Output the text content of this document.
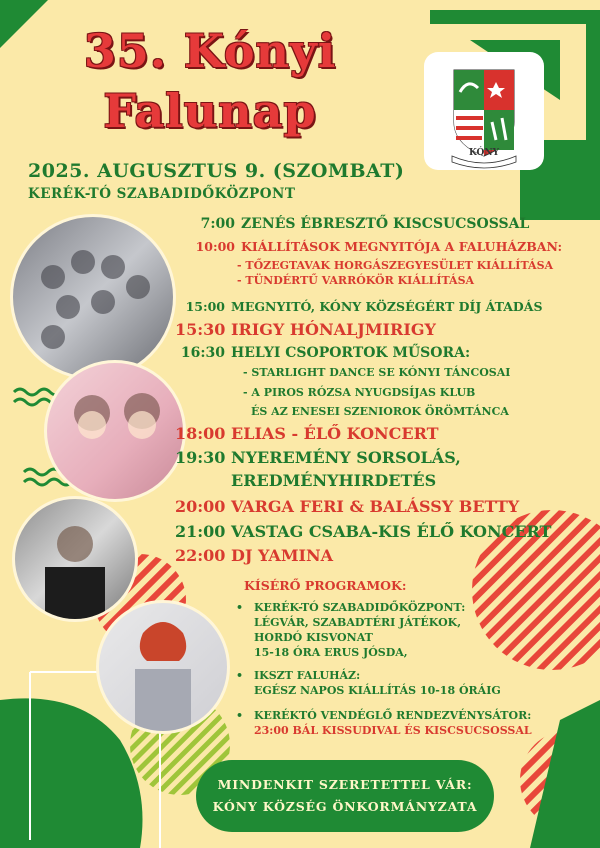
35. Kónyi
Falunap
KÓNY
2025. AUGUSZTUS 9. (SZOMBAT)
KERÉK-TÓ SZABADIDŐKÖZPONT
7:00 ZENÉS ÉBRESZTŐ KISCSUCSOSSAL
10:00 KIÁLLÍTÁSOK MEGNYITÓJA A FALUHÁZBAN:
- TŐZEGTAVAK HORGÁSZEGYESÜLET KIÁLLÍTÁSA
- TÜNDÉRTŰ VARRÓKÖR KIÁLLÍTÁSA
15:00 MEGNYITÓ, KÓNY KÖZSÉGÉRT DÍJ ÁTADÁS
15:30 IRIGY HÓNALJMIRIGY
16:30 HELYI CSOPORTOK MŰSORA:
- STARLIGHT DANCE SE KÓNYI TÁNCOSAI
- A PIROS RÓZSA NYUGDSÍJAS KLUB
ÉS AZ ENESEI SZENIOROK ÖRÖMTÁNCA
18:00 ELIAS - ÉLŐ KONCERT
19:30 NYEREMÉNY SORSOLÁS,
EREDMÉNYHIRDETÉS
20:00 VARGA FERI & BALÁSSY BETTY
21:00 VASTAG CSABA-KIS ÉLŐ KONCERT
22:00 DJ YAMINA
KÍSÉRŐ PROGRAMOK:
• KERÉK-TÓ SZABADIDŐKÖZPONT:
LÉGVÁR, SZABADTÉRI JÁTÉKOK,
HORDÓ KISVONAT
15-18 ÓRA ERUS JÓSDA,
• IKSZT FALUHÁZ:
EGÉSZ NAPOS KIÁLLÍTÁS 10-18 ÓRÁIG
• KERÉKTÓ VENDÉGLŐ RENDEZVÉNYSÁTOR:
23:00 BÁL KISSUDIVAL ÉS KISCSUCSOSSAL
MINDENKIT SZERETETTEL VÁR:
KÓNY KÖZSÉG ÖNKORMÁNYZATA
